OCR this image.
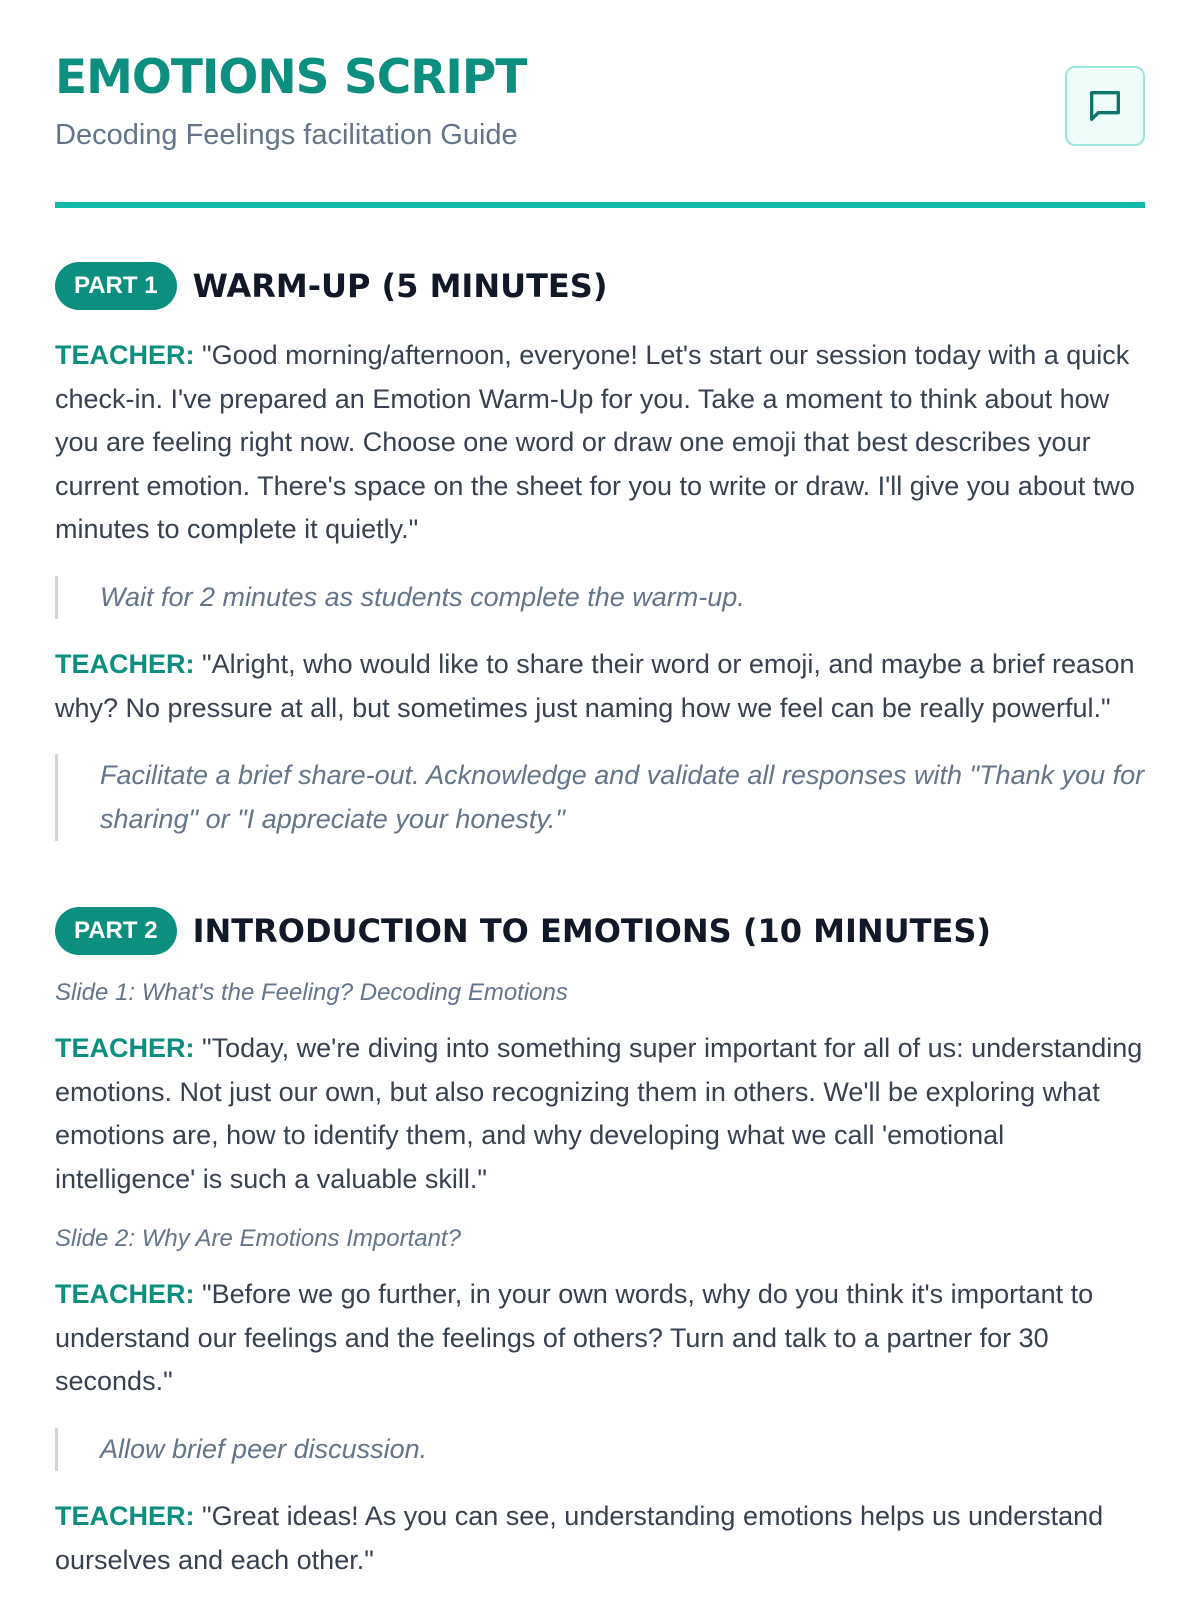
EMOTIONS SCRIPT

Decoding Feelings facilitation Guide

PART 1	WARM-UP (5 MINUTES)

TEACHER: "Good morning/afternoon, everyone! Let's start our session today with a quick check-in. I've prepared an Emotion Warm-Up for you. Take a moment to think about how you are feeling right now. Choose one word or draw one emoji that best describes your current emotion. There's space on the sheet for you to write or draw. I'll give you about two minutes to complete it quietly."

Wait for 2 minutes as students complete the warm-up.

TEACHER: "Alright, who would like to share their word or emoji, and maybe a brief reason why? No pressure at all, but sometimes just naming how we feel can be really powerful."

Facilitate a brief share-out. Acknowledge and validate all responses with "Thank you for sharing" or "I appreciate your honesty."

PART 2	INTRODUCTION TO EMOTIONS (10 MINUTES)

Slide 1: What's the Feeling? Decoding Emotions

TEACHER: "Today, we're diving into something super important for all of us: understanding emotions. Not just our own, but also recognizing them in others. We'll be exploring what emotions are, how to identify them, and why developing what we call 'emotional intelligence' is such a valuable skill."

Slide 2: Why Are Emotions Important?

TEACHER: "Before we go further, in your own words, why do you think it's important to understand our feelings and the feelings of others? Turn and talk to a partner for 30 seconds."

Allow brief peer discussion.

TEACHER: "Great ideas! As you can see, understanding emotions helps us understand ourselves and each other."
